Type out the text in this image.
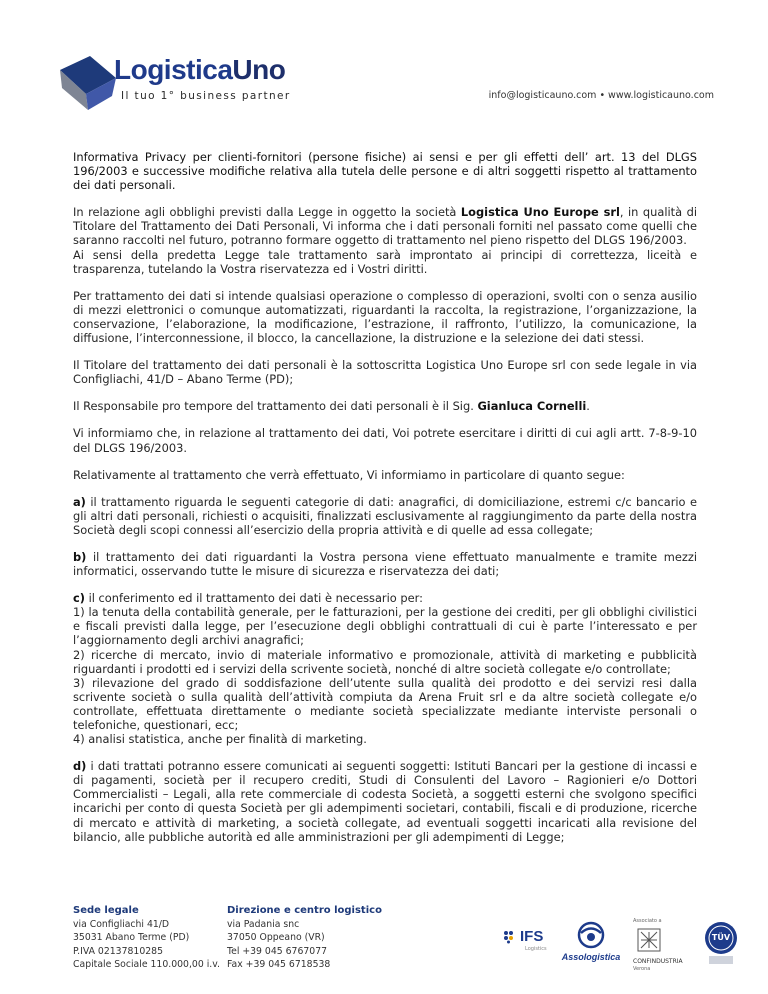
LogisticaUno
Il tuo 1° business partner	info@logisticauno.com • www.logisticauno.com

Informativa Privacy per clienti-fornitori (persone fisiche) ai sensi e per gli effetti dell’ art. 13 del DLGS 196/2003 e successive modifiche relativa alla tutela delle persone e di altri soggetti rispetto al trattamento dei dati personali.

In relazione agli obblighi previsti dalla Legge in oggetto la società Logistica Uno Europe srl, in qualità di Titolare del Trattamento dei Dati Personali, Vi informa che i dati personali forniti nel passato come quelli che saranno raccolti nel futuro, potranno formare oggetto di trattamento nel pieno rispetto del DLGS 196/2003.
Ai sensi della predetta Legge tale trattamento sarà improntato ai principi di correttezza, liceità e trasparenza, tutelando la Vostra riservatezza ed i Vostri diritti.

Per trattamento dei dati si intende qualsiasi operazione o complesso di operazioni, svolti con o senza ausilio di mezzi elettronici o comunque automatizzati, riguardanti la raccolta, la registrazione, l’organizzazione, la conservazione, l’elaborazione, la modificazione, l’estrazione, il raffronto, l’utilizzo, la comunicazione, la diffusione, l’interconnessione, il blocco, la cancellazione, la distruzione e la selezione dei dati stessi.

Il Titolare del trattamento dei dati personali è la sottoscritta Logistica Uno Europe srl con sede legale in via Configliachi, 41/D – Abano Terme (PD);

Il Responsabile pro tempore del trattamento dei dati personali è il Sig. Gianluca Cornelli.

Vi informiamo che, in relazione al trattamento dei dati, Voi potrete esercitare i diritti di cui agli artt. 7-8-9-10 del DLGS 196/2003.

Relativamente al trattamento che verrà effettuato, Vi informiamo in particolare di quanto segue:

a) il trattamento riguarda le seguenti categorie di dati: anagrafici, di domiciliazione, estremi c/c bancario e gli altri dati personali, richiesti o acquisiti, finalizzati esclusivamente al raggiungimento da parte della nostra Società degli scopi connessi all’esercizio della propria attività e di quelle ad essa collegate;

b) il trattamento dei dati riguardanti la Vostra persona viene effettuato manualmente e tramite mezzi informatici, osservando tutte le misure di sicurezza e riservatezza dei dati;

c) il conferimento ed il trattamento dei dati è necessario per:
1) la tenuta della contabilità generale, per le fatturazioni, per la gestione dei crediti, per gli obblighi civilistici e fiscali previsti dalla legge, per l’esecuzione degli obblighi contrattuali di cui è parte l’interessato e per l’aggiornamento degli archivi anagrafici;
2) ricerche di mercato, invio di materiale informativo e promozionale, attività di marketing e pubblicità riguardanti i prodotti ed i servizi della scrivente società, nonché di altre società collegate e/o controllate;
3) rilevazione del grado di soddisfazione dell’utente sulla qualità dei prodotto e dei servizi resi dalla scrivente società o sulla qualità dell’attività compiuta da Arena Fruit srl e da altre società collegate e/o controllate, effettuata direttamente o mediante società specializzate mediante interviste personali o telefoniche, questionari, ecc;
4) analisi statistica, anche per finalità di marketing.

d) i dati trattati potranno essere comunicati ai seguenti soggetti: Istituti Bancari per la gestione di incassi e di pagamenti, società per il recupero crediti, Studi di Consulenti del Lavoro – Ragionieri e/o Dottori Commercialisti – Legali, alla rete commerciale di codesta Società, a soggetti esterni che svolgono specifici incarichi per conto di questa Società per gli adempimenti societari, contabili, fiscali e di produzione, ricerche di mercato e attività di marketing, a società collegate, ad eventuali soggetti incaricati alla revisione del bilancio, alle pubbliche autorità ed alle amministrazioni per gli adempimenti di Legge;

Sede legale
via Configliachi 41/D
35031 Abano Terme (PD)
P.IVA 02137810285
Capitale Sociale 110.000,00 i.v.
Direzione e centro logistico
via Padania snc
37050 Oppeano (VR)
Tel +39 045 6767077
Fax +39 045 6718538
IFS
Logistics
Assologistica
Associato a
CONFINDUSTRIA
Verona
TÜV
